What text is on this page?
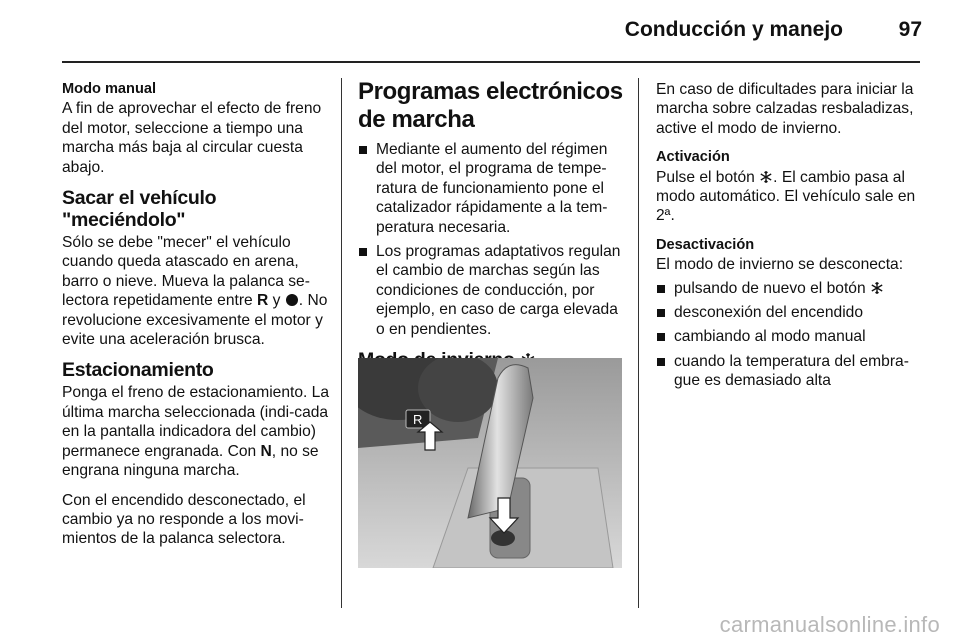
Conducción y manejo	97
Modo manual

A fin de aprovechar el efecto de freno del motor, seleccione a tiempo una marcha más baja al circular cuesta abajo.

Sacar el vehículo "meciéndolo"

Sólo se debe "mecer" el vehículo cuando queda atascado en arena, barro o nieve. Mueva la palanca se-lectora repetidamente entre R y . No revolucione excesivamente el motor y evite una aceleración brusca.

Estacionamiento

Ponga el freno de estacionamiento. La última marcha seleccionada (indi-cada en la pantalla indicadora del cambio) permanece engranada. Con N, no se engrana ninguna marcha.

Con el encendido desconectado, el cambio ya no responde a los movi-mientos de la palanca selectora.

Programas electrónicos de marcha
Mediante el aumento del régimen del motor, el programa de tempe-ratura de funcionamiento pone el catalizador rápidamente a la tem-peratura necesaria.
Los programas adaptativos regulan el cambio de marchas según las condiciones de conducción, por ejemplo, en caso de carga elevada o en pendientes.
R

En caso de dificultades para iniciar la marcha sobre calzadas resbaladizas, active el modo de invierno.

Activación

Pulse el botón . El cambio pasa al modo automático. El vehículo sale en 2ª.

Desactivación

El modo de invierno se desconecta:

pulsando de nuevo el botón
desconexión del encendido
cambiando al modo manual
cuando la temperatura del embra-gue es demasiado alta
carmanualsonline.info
